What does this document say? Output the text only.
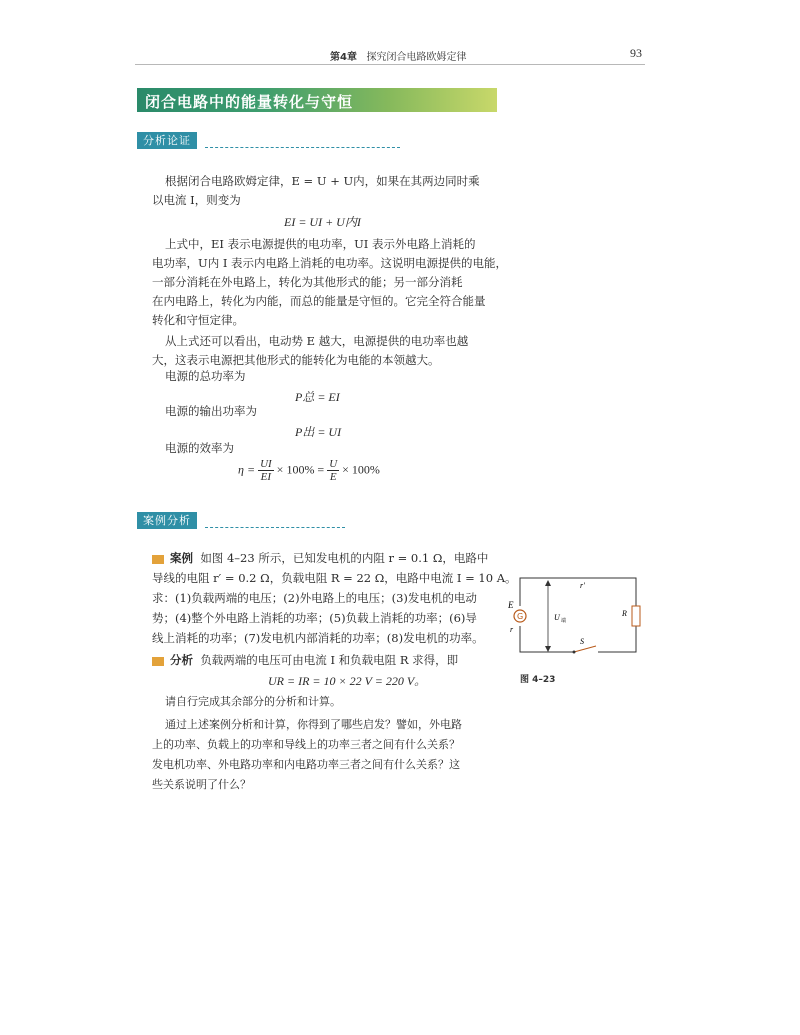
第4章 探究闭合电路欧姆定律	93
闭合电路中的能量转化与守恒
分析论证
根据闭合电路欧姆定律，E = U + U内，如果在其两边同时乘
以电流 I，则变为
EI = UI + U内I
上式中，EI 表示电源提供的电功率，UI 表示外电路上消耗的
电功率，U内 I 表示内电路上消耗的电功率。这说明电源提供的电能，
一部分消耗在外电路上，转化为其他形式的能；另一部分消耗
在内电路上，转化为内能，而总的能量是守恒的。它完全符合能量
转化和守恒定律。
从上式还可以看出，电动势 E 越大，电源提供的电功率也越
大，这表示电源把其他形式的能转化为电能的本领越大。
电源的总功率为
P总 = EI
电源的输出功率为
P出 = UI
电源的效率为
$\eta = \frac{UI}{EI} \times 100\% = \frac{U}{E} \times 100\%$
案例分析
案例 如图 4–23 所示，已知发电机的内阻 r = 0.1 Ω，电路中
导线的电阻 r′ = 0.2 Ω，负载电阻 R = 22 Ω，电路中电流 I = 10 A。
求：(1)负载两端的电压；(2)外电路上的电压；(3)发电机的电动
势；(4)整个外电路上消耗的功率；(5)负载上消耗的功率；(6)导
线上消耗的功率；(7)发电机内部消耗的功率；(8)发电机的功率。
分析 负载两端的电压可由电流 I 和负载电阻 R 求得，即
UR = IR = 10 × 22 V = 220 V。
请自行完成其余部分的分析和计算。
通过上述案例分析和计算，你得到了哪些启发？譬如，外电路
上的功率、负载上的功率和导线上的功率三者之间有什么关系？
发电机功率、外电路功率和内电路功率三者之间有什么关系？这
些关系说明了什么？
G
r′
E
r
U 端
R
S
图 4–23
